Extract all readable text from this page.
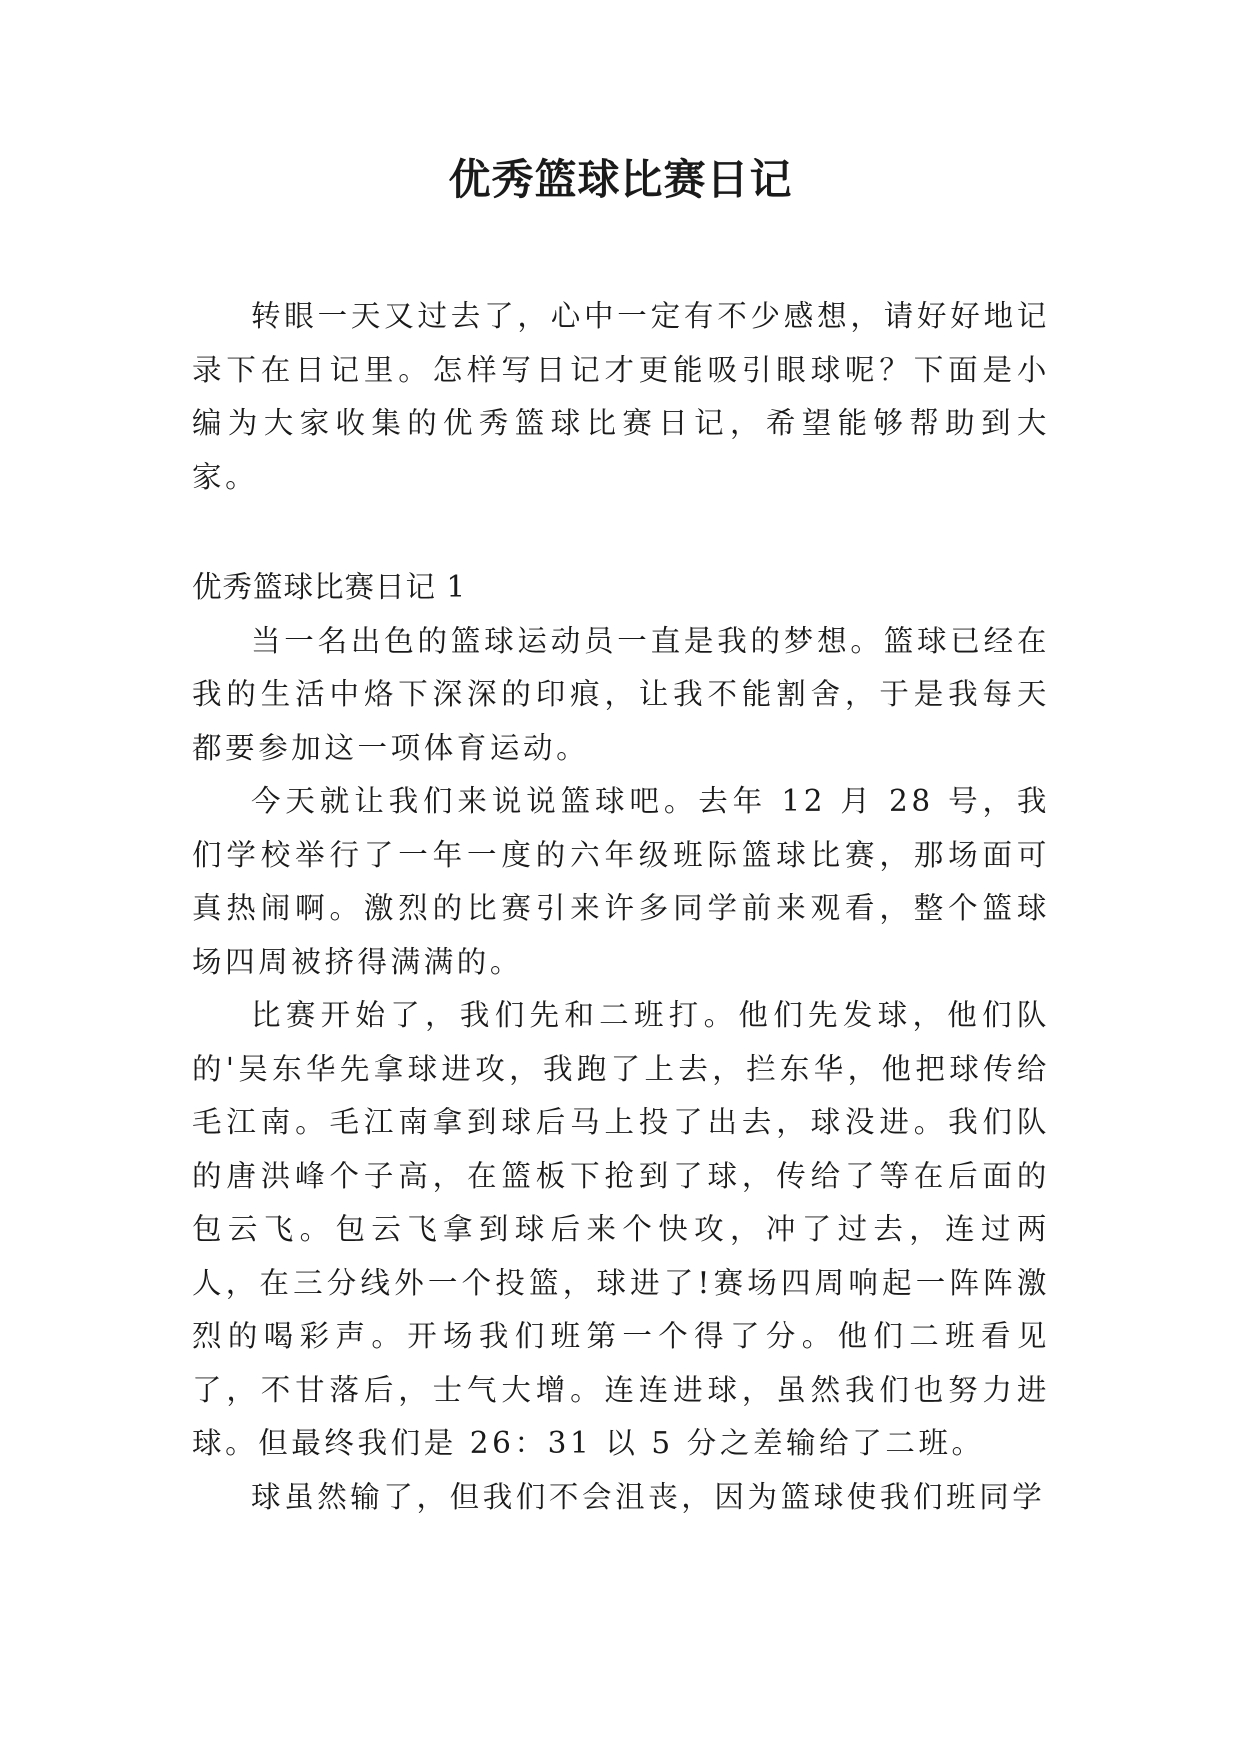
优秀篮球比赛日记

转眼一天又过去了，心中一定有不少感想，请好好地记录下在日记里。怎样写日记才更能吸引眼球呢？下面是小编为大家收集的优秀篮球比赛日记，希望能够帮助到大家。

优秀篮球比赛日记 1

当一名出色的篮球运动员一直是我的梦想。篮球已经在我的生活中烙下深深的印痕，让我不能割舍，于是我每天都要参加这一项体育运动。

今天就让我们来说说篮球吧。去年 12 月 28 号，我们学校举行了一年一度的六年级班际篮球比赛，那场面可真热闹啊。激烈的比赛引来许多同学前来观看，整个篮球场四周被挤得满满的。

比赛开始了，我们先和二班打。他们先发球，他们队的'吴东华先拿球进攻，我跑了上去，拦东华，他把球传给毛江南。毛江南拿到球后马上投了出去，球没进。我们队的唐洪峰个子高，在篮板下抢到了球，传给了等在后面的包云飞。包云飞拿到球后来个快攻，冲了过去，连过两人，在三分线外一个投篮，球进了!赛场四周响起一阵阵激烈的喝彩声。开场我们班第一个得了分。他们二班看见了，不甘落后，士气大增。连连进球，虽然我们也努力进球。但最终我们是 26：31 以 5 分之差输给了二班。

球虽然输了，但我们不会沮丧，因为篮球使我们班同学
